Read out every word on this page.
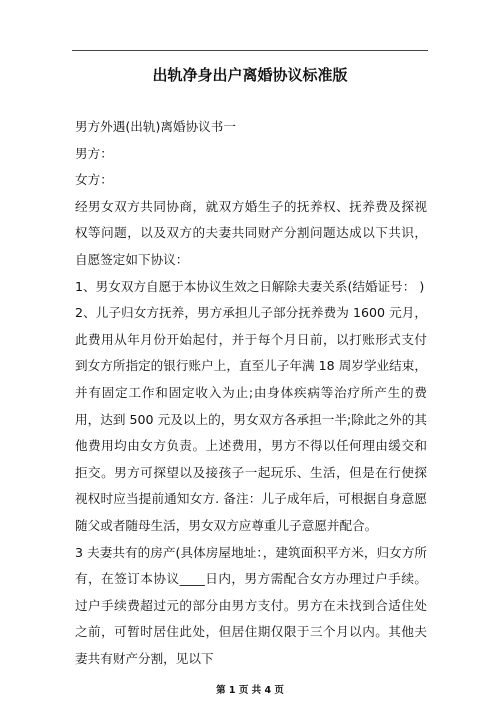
出轨净身出户离婚协议标准版

男方外遇(出轨)离婚协议书一

男方：

女方：

经男女双方共同协商，就双方婚生子的抚养权、抚养费及探视权等问题，以及双方的夫妻共同财产分割问题达成以下共识，自愿签定如下协议：

1、男女双方自愿于本协议生效之日解除夫妻关系(结婚证号： )

2、儿子归女方抚养，男方承担儿子部分抚养费为 1600 元月，此费用从年月份开始起付，并于每个月日前，以打账形式支付到女方所指定的银行账户上，直至儿子年满 18 周岁学业结束，并有固定工作和固定收入为止;由身体疾病等治疗所产生的费用，达到 500 元及以上的，男女双方各承担一半;除此之外的其他费用均由女方负责。上述费用，男方不得以任何理由缓交和拒交。男方可探望以及接孩子一起玩乐、生活，但是在行使探视权时应当提前通知女方. 备注：儿子成年后，可根据自身意愿随父或者随母生活，男女双方应尊重儿子意愿并配合。

3 夫妻共有的房产(具体房屋地址：，建筑面积平方米，归女方所有，在签订本协议____日内，男方需配合女方办理过户手续。过户手续费超过元的部分由男方支付。男方在未找到合适住处之前，可暂时居住此处，但居住期仅限于三个月以内。其他夫妻共有财产分割，见以下

第 1 页 共 4 页
